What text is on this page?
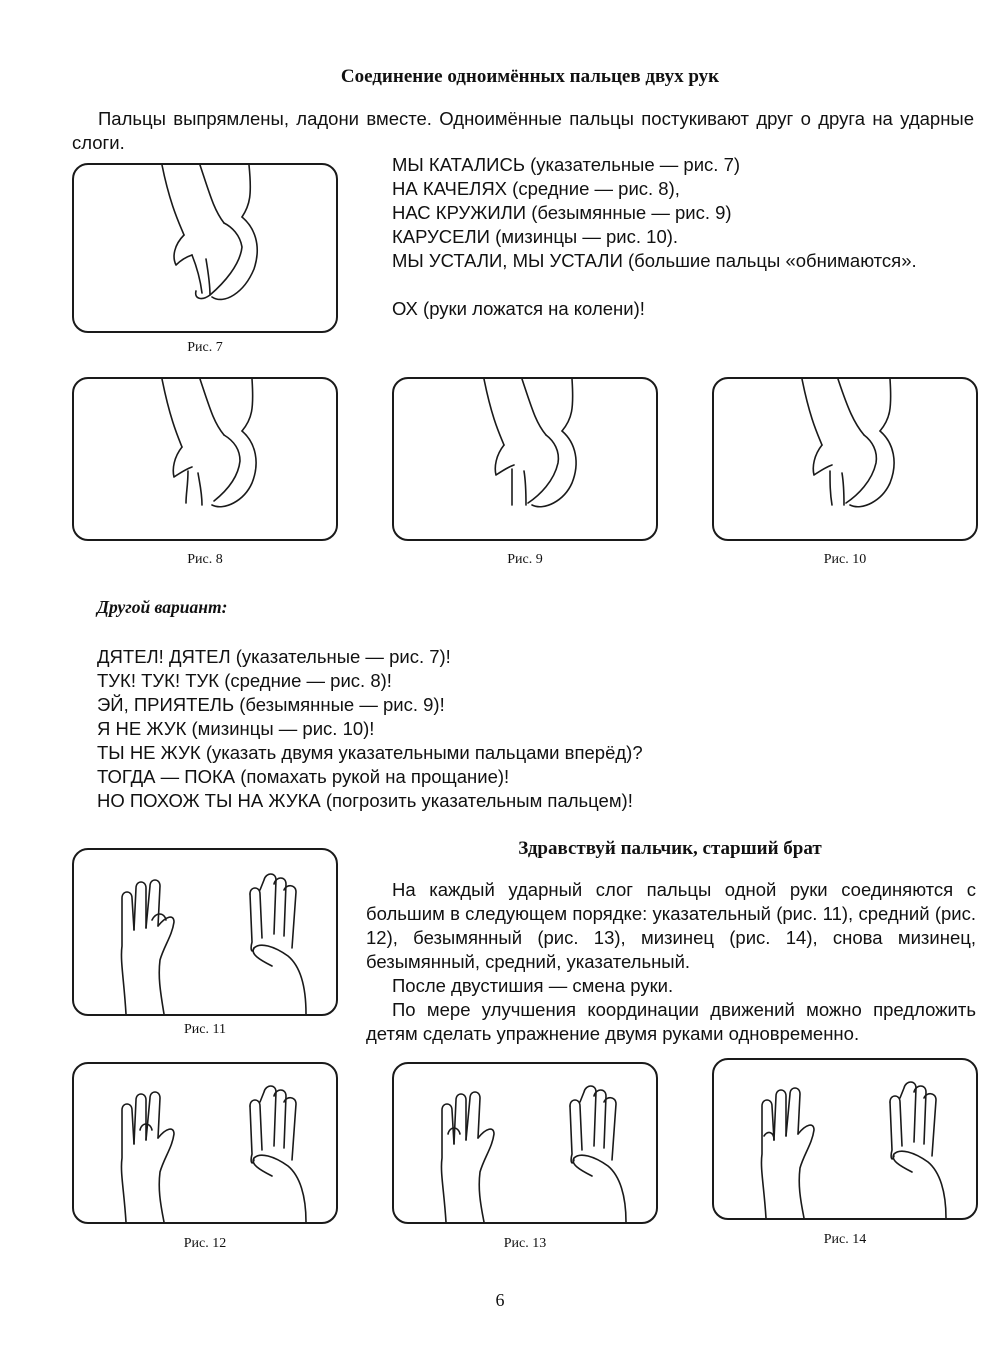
Соединение одноимённых пальцев двух рук

Пальцы выпрямлены, ладони вместе. Одноимённые пальцы постукивают друг о друга на ударные слоги.

Рис. 7

МЫ КАТАЛИСЬ (указательные — рис. 7)

НА КАЧЕЛЯХ (средние — рис. 8),

НАС КРУЖИЛИ (безымянные — рис. 9)

КАРУСЕЛИ (мизинцы — рис. 10).

МЫ УСТАЛИ, МЫ УСТАЛИ (большие пальцы «обнимаются».

ОХ (руки ложатся на колени)!
Рис. 8	Рис. 9	Рис. 10
Другой вариант:

ДЯТЕЛ! ДЯТЕЛ (указательные — рис. 7)!

ТУК! ТУК! ТУК (средние — рис. 8)!

ЭЙ, ПРИЯТЕЛЬ (безымянные — рис. 9)!

Я НЕ ЖУК (мизинцы — рис. 10)!

ТЫ НЕ ЖУК (указать двумя указательными пальцами вперёд)?

ТОГДА — ПОКА (помахать рукой на прощание)!

НО ПОХОЖ ТЫ НА ЖУКА (погрозить указательным пальцем)!

Рис. 11
Здравствуй пальчик, старший брат

На каждый ударный слог пальцы одной руки соединяются с большим в следующем порядке: указательный (рис. 11), средний (рис. 12), безымянный (рис. 13), мизинец (рис. 14), снова мизинец, безымянный, средний, указательный.

После двустишия — смена руки.

По мере улучшения координации движений можно предложить детям сделать упражнение двумя руками одновременно.

Рис. 12	Рис. 13	Рис. 14
6
